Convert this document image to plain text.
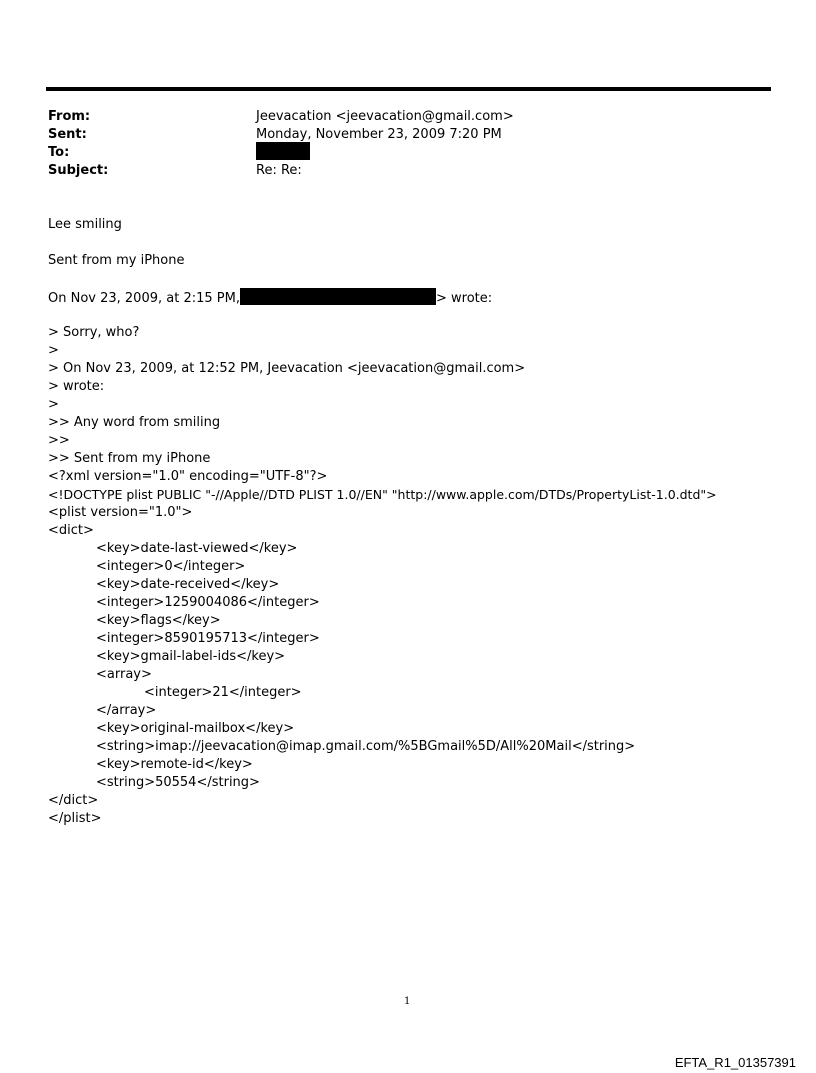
From:	Jeevacation <jeevacation@gmail.com>
Sent:	Monday, November 23, 2009 7:20 PM
To:
Subject:	Re: Re:
Lee smiling
Sent from my iPhone
On Nov 23, 2009, at 2:15 PM,	> wrote:
> Sorry, who?
>
> On Nov 23, 2009, at 12:52 PM, Jeevacation <jeevacation@gmail.com>
> wrote:
>
>> Any word from smiling
>>
>> Sent from my iPhone
<?xml version="1.0" encoding="UTF-8"?>
<!DOCTYPE plist PUBLIC "-//Apple//DTD PLIST 1.0//EN" "http://www.apple.com/DTDs/PropertyList-1.0.dtd">
<plist version="1.0">
<dict>
<key>date-last-viewed</key>
<integer>0</integer>
<key>date-received</key>
<integer>1259004086</integer>
<key>flags</key>
<integer>8590195713</integer>
<key>gmail-label-ids</key>
<array>
<integer>21</integer>
</array>
<key>original-mailbox</key>
<string>imap://jeevacation@imap.gmail.com/%5BGmail%5D/All%20Mail</string>
<key>remote-id</key>
<string>50554</string>
</dict>
</plist>
1
EFTA_R1_01357391
